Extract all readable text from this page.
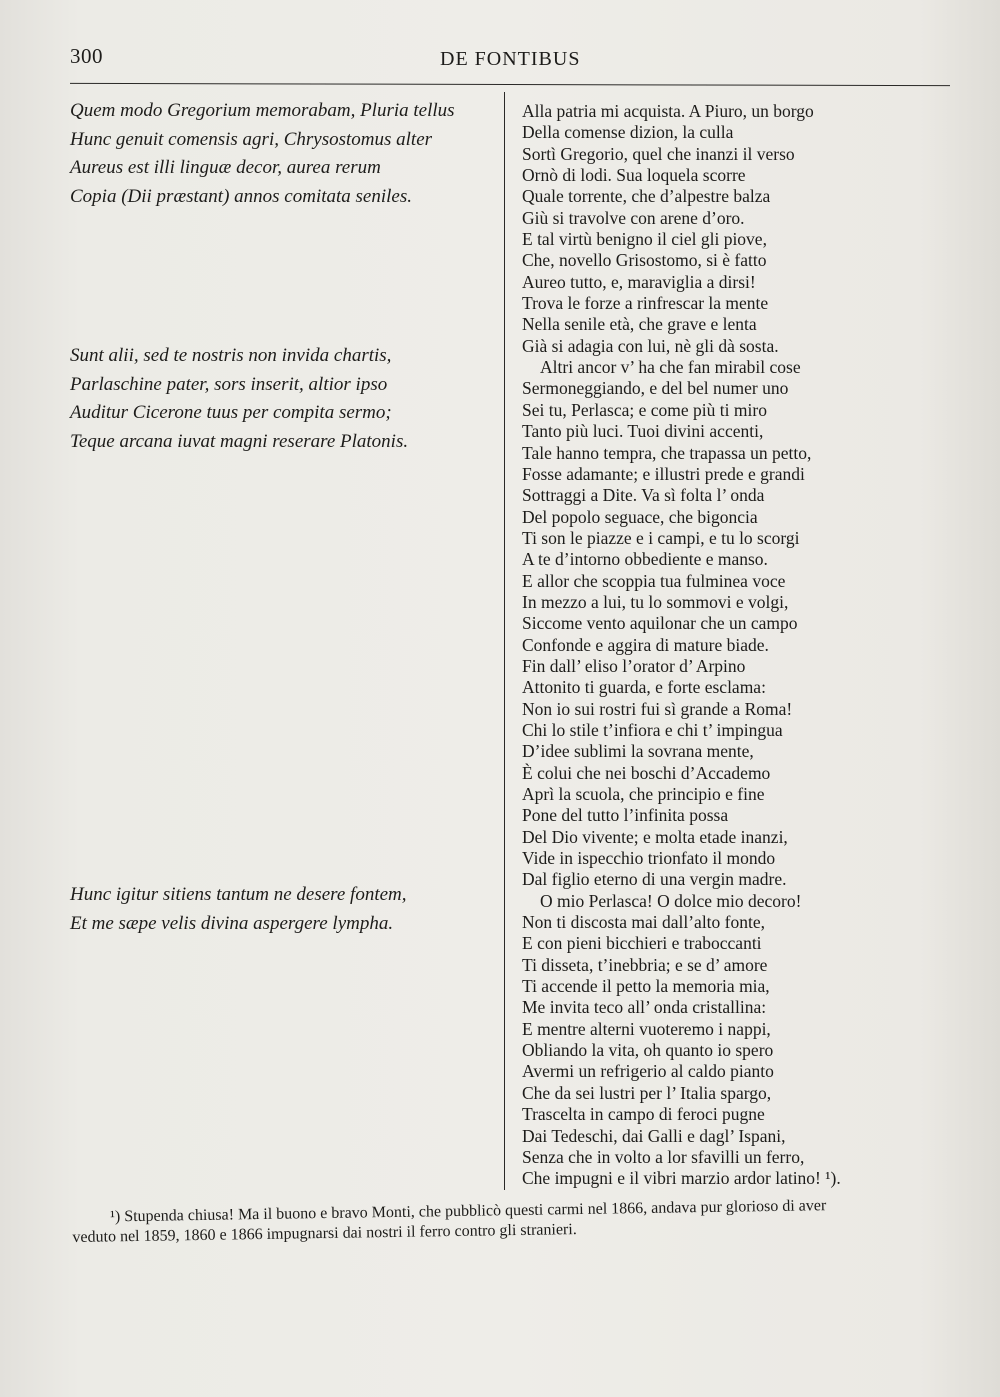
300	DE FONTIBUS
Quem modo Gregorium memorabam, Pluria tellus
Hunc genuit comensis agri, Chrysostomus alter
Aureus est illi linguæ decor, aurea rerum
Copia (Dii præstant) annos comitata seniles.
Sunt alii, sed te nostris non invida chartis,
Parlaschine pater, sors inserit, altior ipso
Auditur Cicerone tuus per compita sermo;
Teque arcana iuvat magni reserare Platonis.
Hunc igitur sitiens tantum ne desere fontem,
Et me sæpe velis divina aspergere lympha.
Alla patria mi acquista. A Piuro, un borgo
Della comense dizion, la culla
Sortì Gregorio, quel che inanzi il verso
Ornò di lodi. Sua loquela scorre
Quale torrente, che d’alpestre balza
Giù si travolve con arene d’oro.
E tal virtù benigno il ciel gli piove,
Che, novello Grisostomo, si è fatto
Aureo tutto, e, maraviglia a dirsi!
Trova le forze a rinfrescar la mente
Nella senile età, che grave e lenta
Già si adagia con lui, nè gli dà sosta.
Altri ancor v’ ha che fan mirabil cose
Sermoneggiando, e del bel numer uno
Sei tu, Perlasca; e come più ti miro
Tanto più luci. Tuoi divini accenti,
Tale hanno tempra, che trapassa un petto,
Fosse adamante; e illustri prede e grandi
Sottraggi a Dite. Va sì folta l’ onda
Del popolo seguace, che bigoncia
Ti son le piazze e i campi, e tu lo scorgi
A te d’intorno obbediente e manso.
E allor che scoppia tua fulminea voce
In mezzo a lui, tu lo sommovi e volgi,
Siccome vento aquilonar che un campo
Confonde e aggira di mature biade.
Fin dall’ eliso l’orator d’ Arpino
Attonito ti guarda, e forte esclama:
Non io sui rostri fui sì grande a Roma!
Chi lo stile t’infiora e chi t’ impingua
D’idee sublimi la sovrana mente,
È colui che nei boschi d’Accademo
Aprì la scuola, che principio e fine
Pone del tutto l’infinita possa
Del Dio vivente; e molta etade inanzi,
Vide in ispecchio trionfato il mondo
Dal figlio eterno di una vergin madre.
O mio Perlasca! O dolce mio decoro!
Non ti discosta mai dall’alto fonte,
E con pieni bicchieri e traboccanti
Ti disseta, t’inebbria; e se d’ amore
Ti accende il petto la memoria mia,
Me invita teco all’ onda cristallina:
E mentre alterni vuoteremo i nappi,
Obliando la vita, oh quanto io spero
Avermi un refrigerio al caldo pianto
Che da sei lustri per l’ Italia spargo,
Trascelta in campo di feroci pugne
Dai Tedeschi, dai Galli e dagl’ Ispani,
Senza che in volto a lor sfavilli un ferro,
Che impugni e il vibri marzio ardor latino! ¹).
¹) Stupenda chiusa! Ma il buono e bravo Monti, che pubblicò questi carmi nel 1866, andava pur glorioso di aver
veduto nel 1859, 1860 e 1866 impugnarsi dai nostri il ferro contro gli stranieri.
